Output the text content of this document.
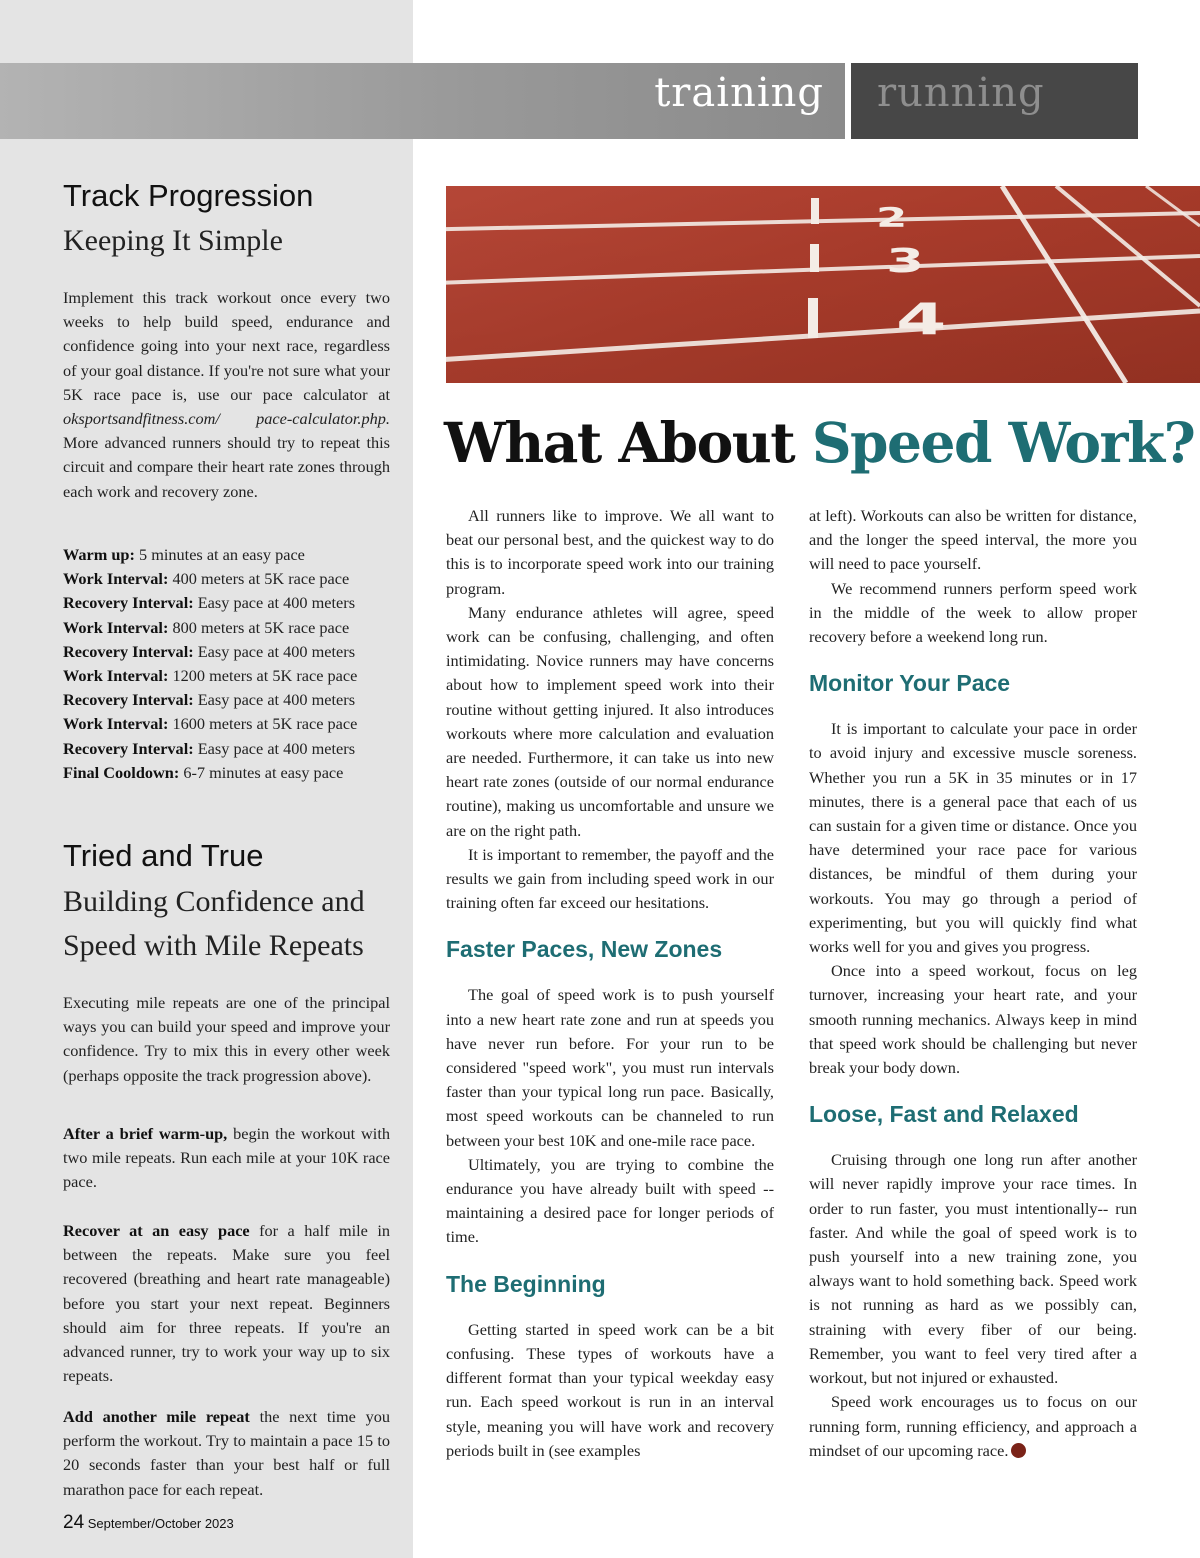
training running
Track Progression
Keeping It Simple

Implement this track workout once every two weeks to help build speed, endurance and confidence going into your next race, regardless of your goal distance. If you're not sure what your 5K race pace is, use our pace calculator at oksportsandfitness.com/ pace-calculator.php. More advanced runners should try to repeat this circuit and compare their heart rate zones through each work and recovery zone.

Warm up: 5 minutes at an easy pace
Work Interval: 400 meters at 5K race pace
Recovery Interval: Easy pace at 400 meters
Work Interval: 800 meters at 5K race pace
Recovery Interval: Easy pace at 400 meters
Work Interval: 1200 meters at 5K race pace
Recovery Interval: Easy pace at 400 meters
Work Interval: 1600 meters at 5K race pace
Recovery Interval: Easy pace at 400 meters
Final Cooldown: 6-7 minutes at easy pace
Tried and True
Building Confidence and
Speed with Mile Repeats

Executing mile repeats are one of the principal ways you can build your speed and improve your confidence. Try to mix this in every other week (perhaps opposite the track progression above).

After a brief warm-up, begin the workout with two mile repeats. Run each mile at your 10K race pace.

Recover at an easy pace for a half mile in between the repeats. Make sure you feel recovered (breathing and heart rate manageable) before you start your next repeat. Beginners should aim for three repeats. If you're an advanced runner, try to work your way up to six repeats.

Add another mile repeat the next time you perform the workout. Try to maintain a pace 15 to 20 seconds faster than your best half or full marathon pace for each repeat.

2
3
4
What About Speed Work?

All runners like to improve. We all want to beat our personal best, and the quickest way to do this is to incorporate speed work into our training program.

Many endurance athletes will agree, speed work can be confusing, challenging, and often intimidating. Novice runners may have concerns about how to implement speed work into their routine without getting injured. It also introduces workouts where more calculation and evaluation are needed. Furthermore, it can take us into new heart rate zones (outside of our normal endurance routine), making us uncomfortable and unsure we are on the right path.

It is important to remember, the payoff and the results we gain from including speed work in our training often far exceed our hesitations.

Faster Paces, New Zones

The goal of speed work is to push yourself into a new heart rate zone and run at speeds you have never run before. For your run to be considered "speed work", you must run intervals faster than your typical long run pace. Basically, most speed workouts can be channeled to run between your best 10K and one-mile race pace.

Ultimately, you are trying to combine the endurance you have already built with speed -- maintaining a desired pace for longer periods of time.

The Beginning

Getting started in speed work can be a bit confusing. These types of workouts have a different format than your typical weekday easy run. Each speed workout is run in an interval style, meaning you will have work and recovery periods built in (see examples

at left). Workouts can also be written for distance, and the longer the speed interval, the more you will need to pace yourself.

We recommend runners perform speed work in the middle of the week to allow proper recovery before a weekend long run.

Monitor Your Pace

It is important to calculate your pace in order to avoid injury and excessive muscle soreness. Whether you run a 5K in 35 minutes or in 17 minutes, there is a general pace that each of us can sustain for a given time or distance. Once you have determined your race pace for various distances, be mindful of them during your workouts. You may go through a period of experimenting, but you will quickly find what works well for you and gives you progress.

Once into a speed workout, focus on leg turnover, increasing your heart rate, and your smooth running mechanics. Always keep in mind that speed work should be challenging but never break your body down.

Loose, Fast and Relaxed

Cruising through one long run after another will never rapidly improve your race times. In order to run faster, you must intentionally-- run faster. And while the goal of speed work is to push yourself into a new training zone, you always want to hold something back. Speed work is not running as hard as we possibly can, straining with every fiber of our being. Remember, you want to feel very tired after a workout, but not injured or exhausted.

Speed work encourages us to focus on our running form, running efficiency, and approach a mindset of our upcoming race.

24 September/October 2023
